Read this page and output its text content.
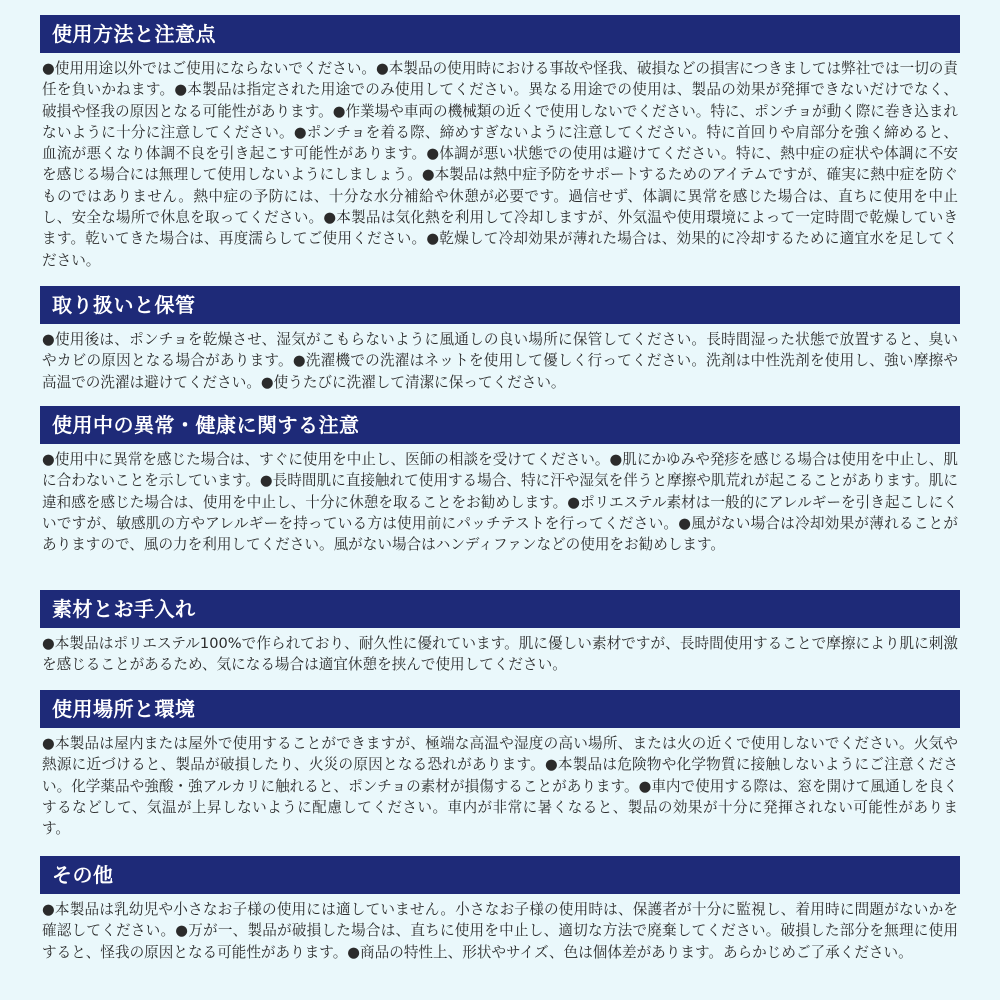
使用方法と注意点
●使用用途以外ではご使用にならないでください。●本製品の使用時における事故や怪我、破損などの損害につきましては弊社では一切の責任を負いかねます。●本製品は指定された用途でのみ使用してください。異なる用途での使用は、製品の効果が発揮できないだけでなく、破損や怪我の原因となる可能性があります。●作業場や車両の機械類の近くで使用しないでください。特に、ポンチョが動く際に巻き込まれないように十分に注意してください。●ポンチョを着る際、締めすぎないように注意してください。特に首回りや肩部分を強く締めると、血流が悪くなり体調不良を引き起こす可能性があります。●体調が悪い状態での使用は避けてください。特に、熱中症の症状や体調に不安を感じる場合には無理して使用しないようにしましょう。●本製品は熱中症予防をサポートするためのアイテムですが、確実に熱中症を防ぐものではありません。熱中症の予防には、十分な水分補給や休憩が必要です。過信せず、体調に異常を感じた場合は、直ちに使用を中止し、安全な場所で休息を取ってください。●本製品は気化熱を利用して冷却しますが、外気温や使用環境によって一定時間で乾燥していきます。乾いてきた場合は、再度濡らしてご使用ください。●乾燥して冷却効果が薄れた場合は、効果的に冷却するために適宜水を足してください。
取り扱いと保管
●使用後は、ポンチョを乾燥させ、湿気がこもらないように風通しの良い場所に保管してください。長時間湿った状態で放置すると、臭いやカビの原因となる場合があります。●洗濯機での洗濯はネットを使用して優しく行ってください。洗剤は中性洗剤を使用し、強い摩擦や高温での洗濯は避けてください。●使うたびに洗濯して清潔に保ってください。
使用中の異常・健康に関する注意
●使用中に異常を感じた場合は、すぐに使用を中止し、医師の相談を受けてください。●肌にかゆみや発疹を感じる場合は使用を中止し、肌に合わないことを示しています。●長時間肌に直接触れて使用する場合、特に汗や湿気を伴うと摩擦や肌荒れが起こることがあります。肌に違和感を感じた場合は、使用を中止し、十分に休憩を取ることをお勧めします。●ポリエステル素材は一般的にアレルギーを引き起こしにくいですが、敏感肌の方やアレルギーを持っている方は使用前にパッチテストを行ってください。●風がない場合は冷却効果が薄れることがありますので、風の力を利用してください。風がない場合はハンディファンなどの使用をお勧めします。
素材とお手入れ
●本製品はポリエステル100%で作られており、耐久性に優れています。肌に優しい素材ですが、長時間使用することで摩擦により肌に刺激を感じることがあるため、気になる場合は適宜休憩を挟んで使用してください。
使用場所と環境
●本製品は屋内または屋外で使用することができますが、極端な高温や湿度の高い場所、または火の近くで使用しないでください。火気や熱源に近づけると、製品が破損したり、火災の原因となる恐れがあります。●本製品は危険物や化学物質に接触しないようにご注意ください。化学薬品や強酸・強アルカリに触れると、ポンチョの素材が損傷することがあります。●車内で使用する際は、窓を開けて風通しを良くするなどして、気温が上昇しないように配慮してください。車内が非常に暑くなると、製品の効果が十分に発揮されない可能性があります。
その他
●本製品は乳幼児や小さなお子様の使用には適していません。小さなお子様の使用時は、保護者が十分に監視し、着用時に問題がないかを確認してください。●万が一、製品が破損した場合は、直ちに使用を中止し、適切な方法で廃棄してください。破損した部分を無理に使用すると、怪我の原因となる可能性があります。●商品の特性上、形状やサイズ、色は個体差があります。あらかじめご了承ください。
